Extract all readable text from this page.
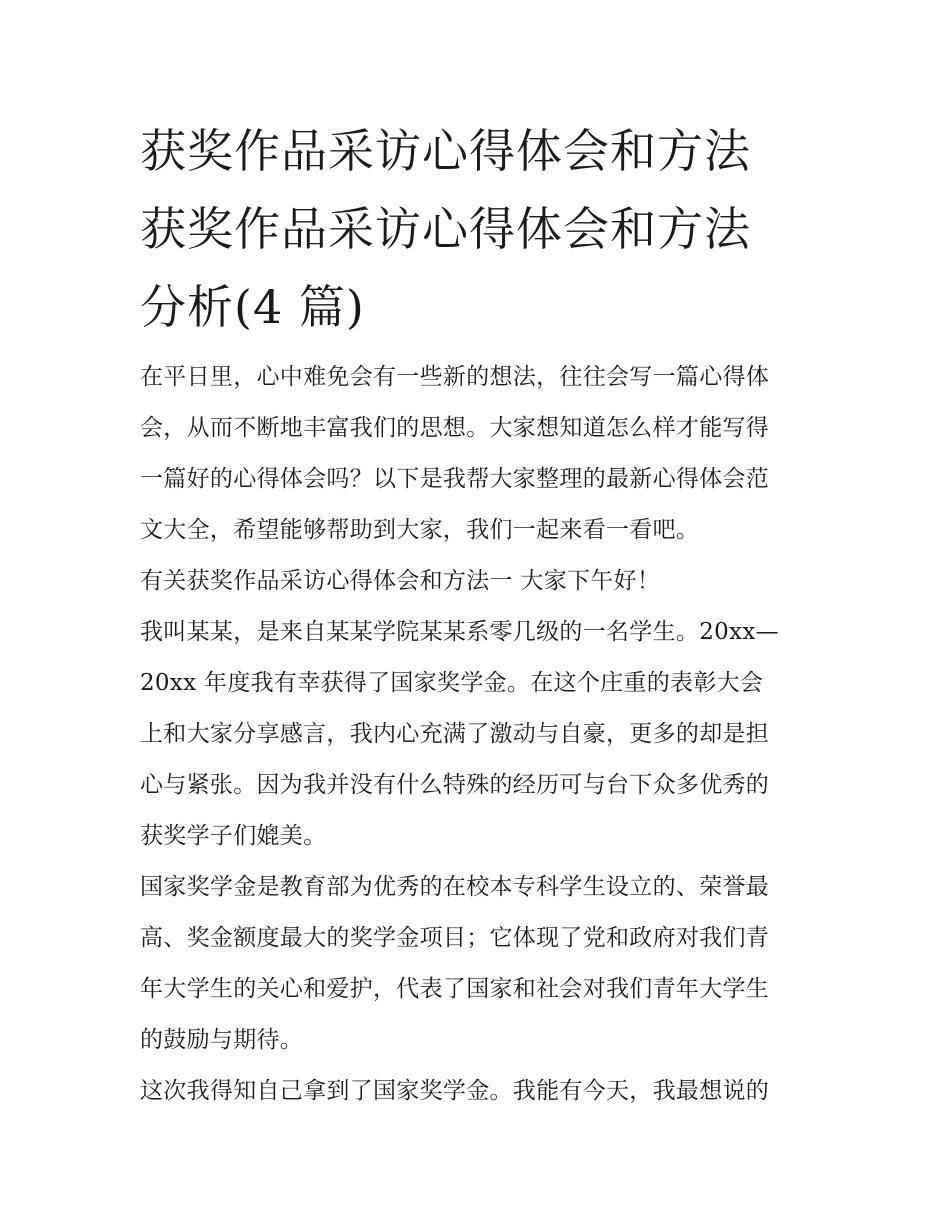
获奖作品采访心得体会和方法
获奖作品采访心得体会和方法
分析(4 篇)

在平日里，心中难免会有一些新的想法，往往会写一篇心得体
会，从而不断地丰富我们的思想。大家想知道怎么样才能写得
一篇好的心得体会吗？以下是我帮大家整理的最新心得体会范
文大全，希望能够帮助到大家，我们一起来看一看吧。

有关获奖作品采访心得体会和方法一 大家下午好！

我叫某某，是来自某某学院某某系零几级的一名学生。20xx—
20xx 年度我有幸获得了国家奖学金。在这个庄重的表彰大会
上和大家分享感言，我内心充满了激动与自豪，更多的却是担
心与紧张。因为我并没有什么特殊的经历可与台下众多优秀的
获奖学子们媲美。

国家奖学金是教育部为优秀的在校本专科学生设立的、荣誉最
高、奖金额度最大的奖学金项目；它体现了党和政府对我们青
年大学生的关心和爱护，代表了国家和社会对我们青年大学生
的鼓励与期待。

这次我得知自己拿到了国家奖学金。我能有今天，我最想说的
